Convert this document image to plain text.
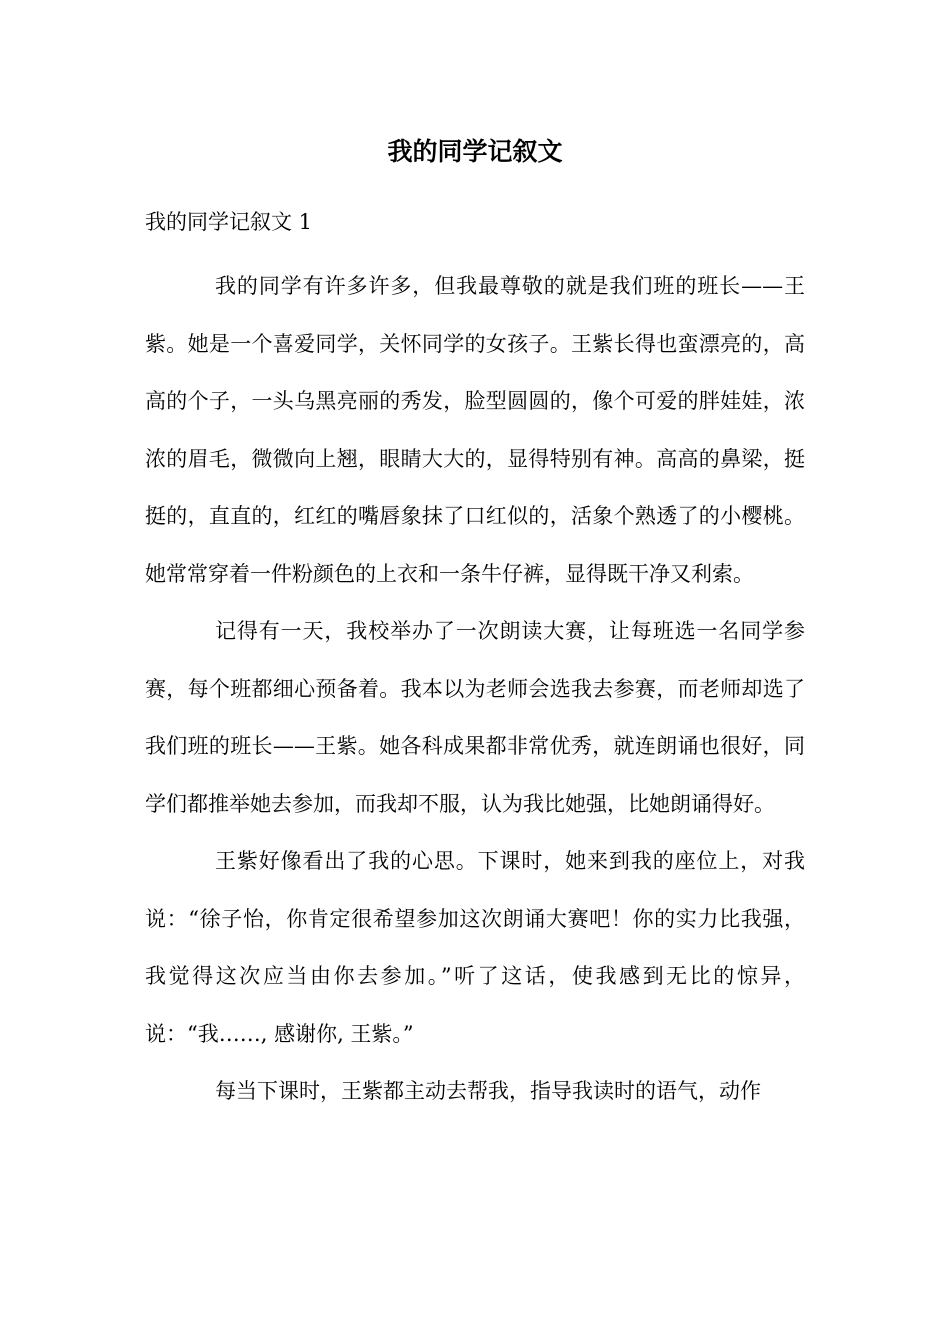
我的同学记叙文

我的同学记叙文 1

我的同学有许多许多，但我最尊敬的就是我们班的班长——王紫。她是一个喜爱同学，关怀同学的女孩子。王紫长得也蛮漂亮的，高高的个子，一头乌黑亮丽的秀发，脸型圆圆的，像个可爱的胖娃娃，浓浓的眉毛，微微向上翘，眼睛大大的，显得特别有神。高高的鼻梁，挺挺的，直直的，红红的嘴唇象抹了口红似的，活象个熟透了的小樱桃。她常常穿着一件粉颜色的上衣和一条牛仔裤，显得既干净又利索。

记得有一天，我校举办了一次朗读大赛，让每班选一名同学参赛，每个班都细心预备着。我本以为老师会选我去参赛，而老师却选了我们班的班长——王紫。她各科成果都非常优秀，就连朗诵也很好，同学们都推举她去参加，而我却不服，认为我比她强，比她朗诵得好。

王紫好像看出了我的心思。下课时，她来到我的座位上，对我说：“徐子怡，你肯定很希望参加这次朗诵大赛吧！你的实力比我强，我觉得这次应当由你去参加。”听了这话，使我感到无比的惊异，说：“我……, 感谢你, 王紫。”

每当下课时，王紫都主动去帮我，指导我读时的语气，动作
